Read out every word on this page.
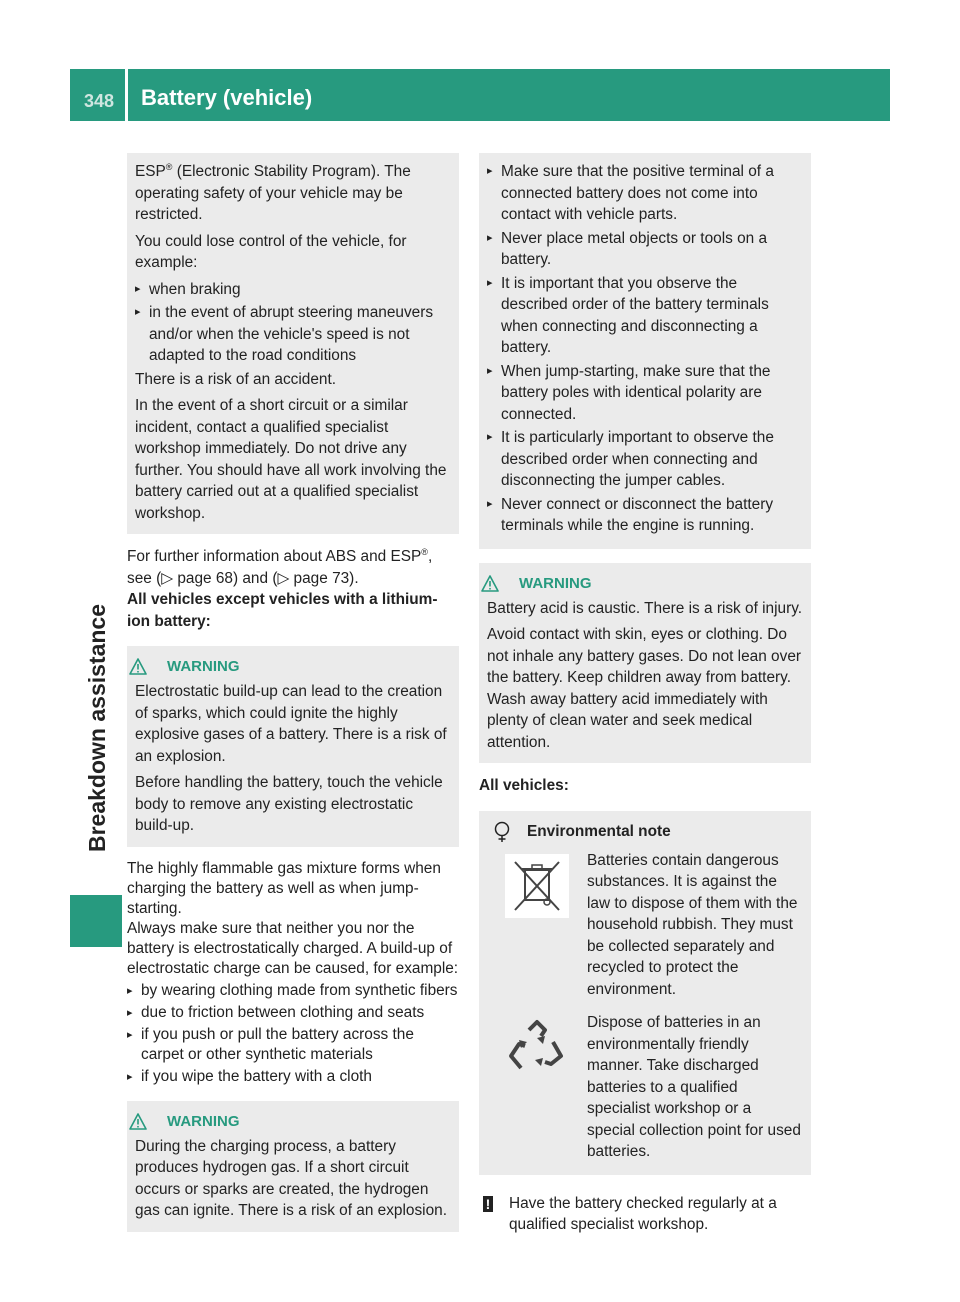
348 Battery (vehicle)
Breakdown assistance

ESP® (Electronic Stability Program). The operating safety of your vehicle may be restricted.

You could lose control of the vehicle, for example:

▸ when braking
▸ in the event of abrupt steering maneuvers and/or when the vehicle's speed is not adapted to the road conditions

There is a risk of an accident.

In the event of a short circuit or a similar incident, contact a qualified specialist workshop immediately. Do not drive any further. You should have all work involving the battery carried out at a qualified specialist workshop.

For further information about ABS and ESP®, see (▷ page 68) and (▷ page 73).

All vehicles except vehicles with a lithium-ion battery:

WARNING

Electrostatic build-up can lead to the creation of sparks, which could ignite the highly explosive gases of a battery. There is a risk of an explosion.

Before handling the battery, touch the vehicle body to remove any existing electrostatic build-up.

The highly flammable gas mixture forms when charging the battery as well as when jump-starting.

Always make sure that neither you nor the battery is electrostatically charged. A build-up of electrostatic charge can be caused, for example:

▸ by wearing clothing made from synthetic fibers
▸ due to friction between clothing and seats
▸ if you push or pull the battery across the carpet or other synthetic materials
▸ if you wipe the battery with a cloth
WARNING

During the charging process, a battery produces hydrogen gas. If a short circuit occurs or sparks are created, the hydrogen gas can ignite. There is a risk of an explosion.

▸ Make sure that the positive terminal of a connected battery does not come into contact with vehicle parts.
▸ Never place metal objects or tools on a battery.
▸ It is important that you observe the described order of the battery terminals when connecting and disconnecting a battery.
▸ When jump-starting, make sure that the battery poles with identical polarity are connected.
▸ It is particularly important to observe the described order when connecting and disconnecting the jumper cables.
▸ Never connect or disconnect the battery terminals while the engine is running.
WARNING

Battery acid is caustic. There is a risk of injury.

Avoid contact with skin, eyes or clothing. Do not inhale any battery gases. Do not lean over the battery. Keep children away from battery. Wash away battery acid immediately with plenty of clean water and seek medical attention.

All vehicles:

Environmental note

Batteries contain dangerous substances. It is against the law to dispose of them with the household rubbish. They must be collected separately and recycled to protect the environment.

Dispose of batteries in an environmentally friendly manner. Take discharged batteries to a qualified specialist workshop or a special collection point for used batteries.

! Have the battery checked regularly at a qualified specialist workshop.
